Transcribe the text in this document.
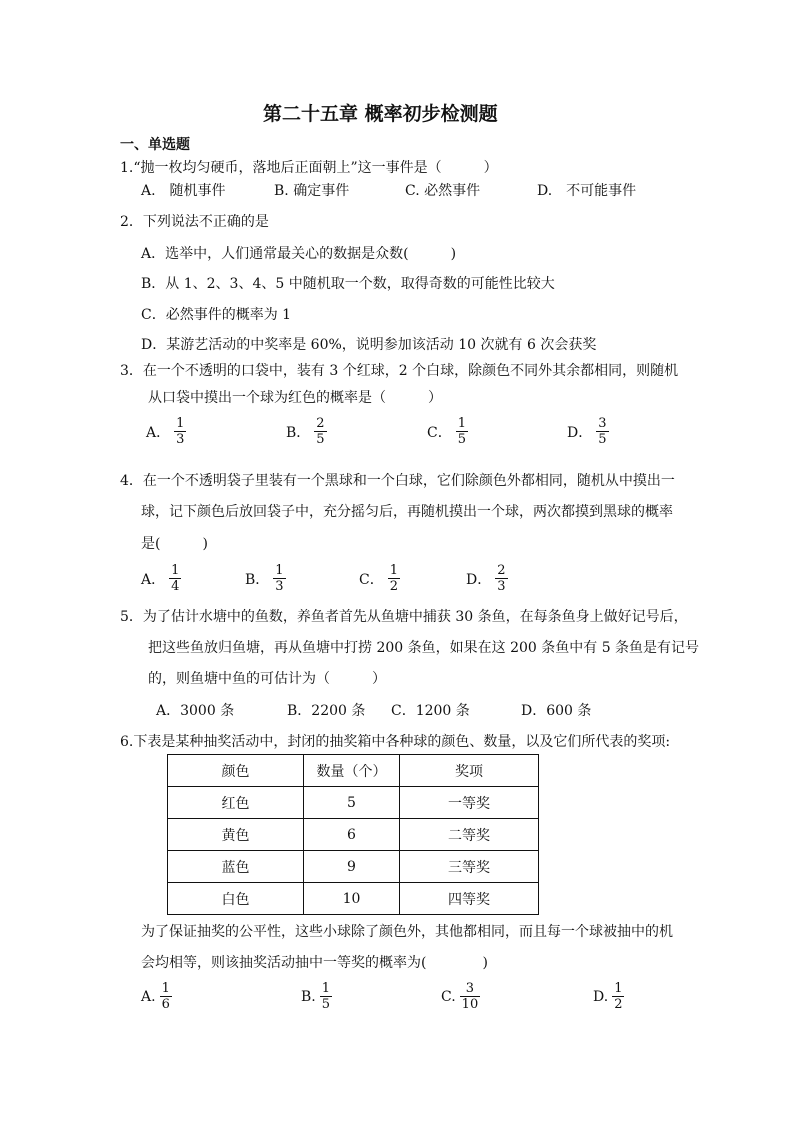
第二十五章 概率初步检测题
一、单选题
1.“抛一枚均匀硬币，落地后正面朝上”这一事件是（　　　）
A.　随机事件	B. 确定事件	C. 必然事件	D.　不可能事件
2．下列说法不正确的是
A．选举中，人们通常最关心的数据是众数(　　　)
B．从 1、2、3、4、5 中随机取一个数，取得奇数的可能性比较大
C．必然事件的概率为 1
D．某游艺活动的中奖率是 60%，说明参加该活动 10 次就有 6 次会获奖
3．在一个不透明的口袋中，装有 3 个红球，2 个白球，除颜色不同外其余都相同，则随机
从口袋中摸出一个球为红色的概率是（　　　）
A． $\frac{1}{3}$	B． $\frac{2}{5}$	C． $\frac{1}{5}$	D． $\frac{3}{5}$
4．在一个不透明袋子里装有一个黑球和一个白球，它们除颜色外都相同，随机从中摸出一
球，记下颜色后放回袋子中，充分摇匀后，再随机摸出一个球，两次都摸到黑球的概率
是(　　　)
A． $\frac{1}{4}$	B． $\frac{1}{3}$	C． $\frac{1}{2}$	D． $\frac{2}{3}$
5．为了估计水塘中的鱼数，养鱼者首先从鱼塘中捕获 30 条鱼，在每条鱼身上做好记号后，
把这些鱼放归鱼塘，再从鱼塘中打捞 200 条鱼，如果在这 200 条鱼中有 5 条鱼是有记号
的，则鱼塘中鱼的可估计为（　　　）
A．3000 条	B．2200 条 C．1200 条	D．600 条
6.下表是某种抽奖活动中，封闭的抽奖箱中各种球的颜色、数量，以及它们所代表的奖项:
颜色	数量（个）	奖项
红色	5	一等奖
黄色	6	二等奖
蓝色	9	三等奖
白色	10	四等奖
为了保证抽奖的公平性，这些小球除了颜色外，其他都相同，而且每一个球被抽中的机
会均相等，则该抽奖活动抽中一等奖的概率为(　　　　)
A. $\frac{1}{6}$	B. $\frac{1}{5}$	C. $\frac{3}{10}$	D. $\frac{1}{2}$
